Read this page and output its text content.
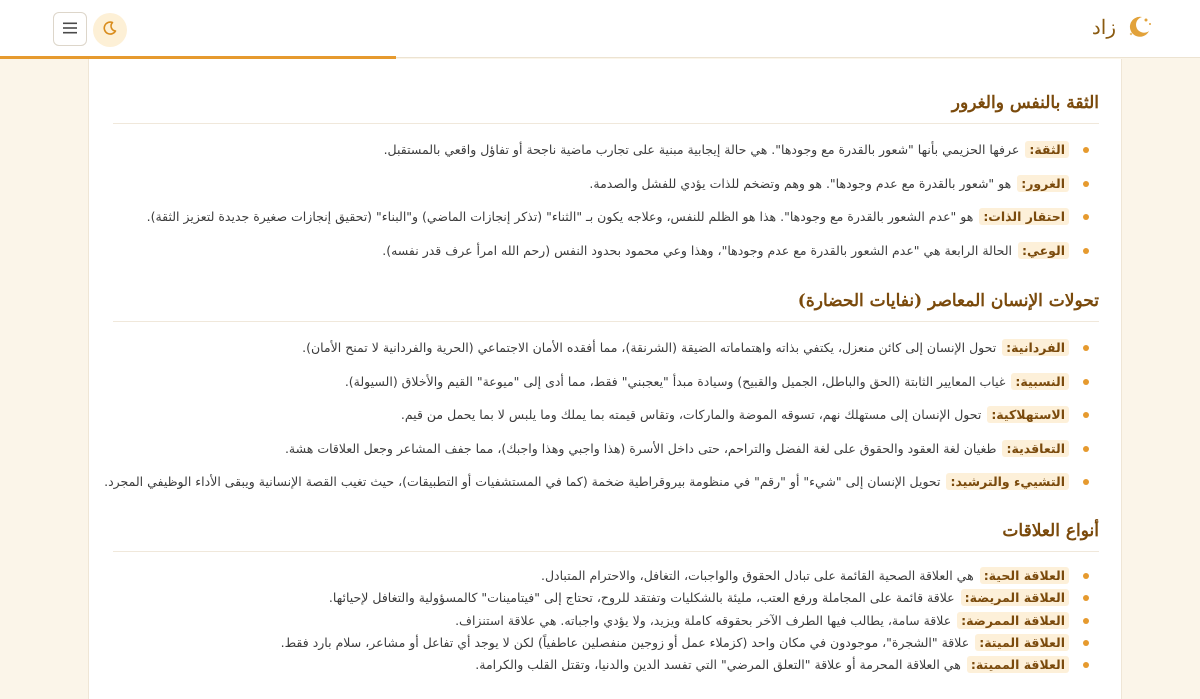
زاد
الثقة بالنفس والغرور
الثقة:عرفها الحزيمي بأنها "شعور بالقدرة مع وجودها". هي حالة إيجابية مبنية على تجارب ماضية ناجحة أو تفاؤل واقعي بالمستقبل.
الغرور:هو "شعور بالقدرة مع عدم وجودها". هو وهم وتضخم للذات يؤدي للفشل والصدمة.
احتقار الذات:هو "عدم الشعور بالقدرة مع وجودها". هذا هو الظلم للنفس، وعلاجه يكون بـ "الثناء" (تذكر إنجازات الماضي) و"البناء" (تحقيق إنجازات صغيرة جديدة لتعزيز الثقة).
الوعي:الحالة الرابعة هي "عدم الشعور بالقدرة مع عدم وجودها"، وهذا وعي محمود بحدود النفس (رحم الله امرأ عرف قدر نفسه).
تحولات الإنسان المعاصر (نفايات الحضارة)
الفردانية:تحول الإنسان إلى كائن منعزل، يكتفي بذاته واهتماماته الضيقة (الشرنقة)، مما أفقده الأمان الاجتماعي (الحرية والفردانية لا تمنح الأمان).
النسبية:غياب المعايير الثابتة (الحق والباطل، الجميل والقبيح) وسيادة مبدأ "يعجبني" فقط، مما أدى إلى "ميوعة" القيم والأخلاق (السيولة).
الاستهلاكية:تحول الإنسان إلى مستهلك نهم، تسوقه الموضة والماركات، وتقاس قيمته بما يملك وما يلبس لا بما يحمل من قيم.
التعاقدية:طغيان لغة العقود والحقوق على لغة الفضل والتراحم، حتى داخل الأسرة (هذا واجبي وهذا واجبك)، مما جفف المشاعر وجعل العلاقات هشة.
التشييء والترشيد:تحويل الإنسان إلى "شيء" أو "رقم" في منظومة بيروقراطية ضخمة (كما في المستشفيات أو التطبيقات)، حيث تغيب القصة الإنسانية ويبقى الأداء الوظيفي المجرد.
أنواع العلاقات
العلاقة الحية:هي العلاقة الصحية القائمة على تبادل الحقوق والواجبات، التغافل، والاحترام المتبادل.
العلاقة المريضة:علاقة قائمة على المجاملة ورفع العتب، مليئة بالشكليات وتفتقد للروح، تحتاج إلى "فيتامينات" كالمسؤولية والتغافل لإحيائها.
العلاقة الممرضة:علاقة سامة، يطالب فيها الطرف الآخر بحقوقه كاملة ويزيد، ولا يؤدي واجباته. هي علاقة استنزاف.
العلاقة الميتة:علاقة "الشجرة"، موجودون في مكان واحد (كزملاء عمل أو زوجين منفصلين عاطفياً) لكن لا يوجد أي تفاعل أو مشاعر، سلام بارد فقط.
العلاقة المميتة:هي العلاقة المحرمة أو علاقة "التعلق المرضي" التي تفسد الدين والدنيا، وتقتل القلب والكرامة.
